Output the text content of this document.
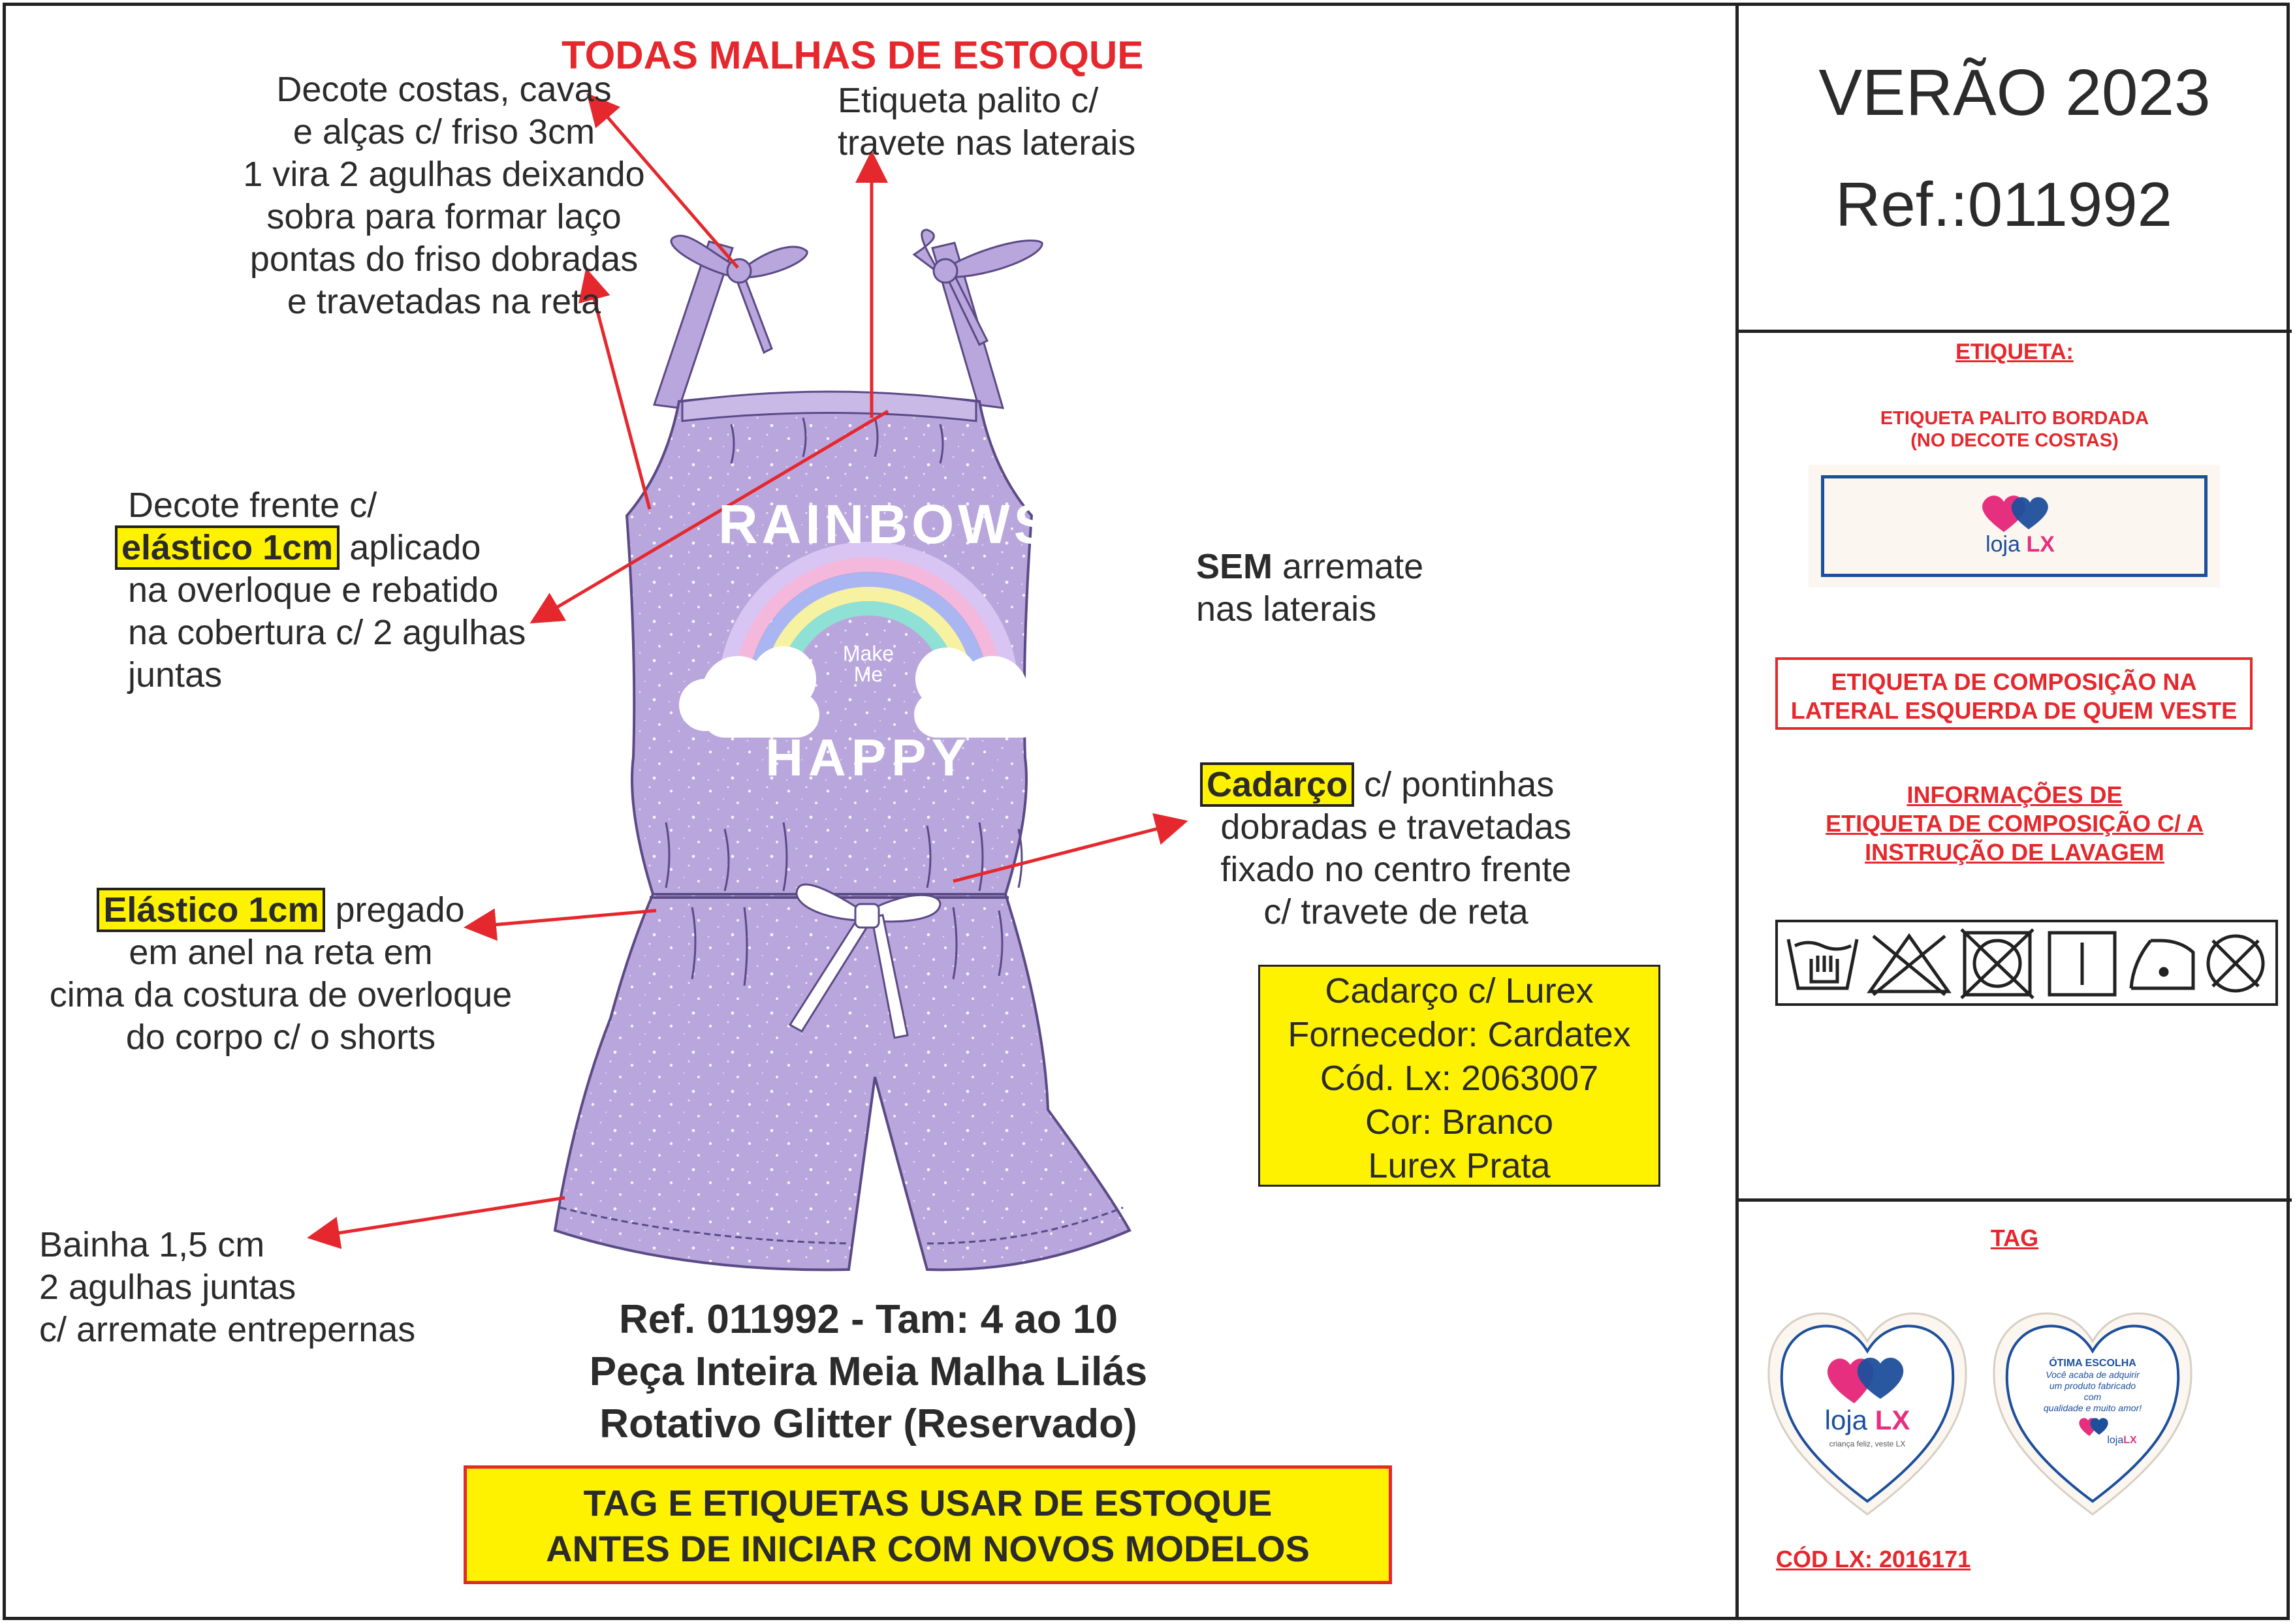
RAINBOWS
Make
Me
HAPPY
TODAS MALHAS DE ESTOQUE
Decote costas, cavas
e alças c/ friso 3cm
1 vira 2 agulhas deixando
sobra para formar laço
pontas do friso dobradas
e travetadas na reta
Etiqueta palito c/
travete nas laterais
Decote frente c/
elástico 1cm aplicado
na overloque e rebatido
na cobertura c/ 2 agulhas
juntas
SEM arremate
nas laterais
Cadarço c/ pontinhas
dobradas e travetadas
fixado no centro frente
c/ travete de reta
Elástico 1cm pregado
em anel na reta em
cima da costura de overloque
do corpo c/ o shorts
Bainha 1,5 cm
2 agulhas juntas
c/ arremate entrepernas
Cadarço c/ Lurex
Fornecedor: Cardatex
Cód. Lx: 2063007
Cor: Branco
Lurex Prata
Ref. 011992 - Tam: 4 ao 10
Peça Inteira Meia Malha Lilás
Rotativo Glitter (Reservado)
TAG E ETIQUETAS USAR DE ESTOQUE
ANTES DE INICIAR COM NOVOS MODELOS
VERÃO 2023
Ref.:011992
ETIQUETA:
ETIQUETA PALITO BORDADA
(NO DECOTE COSTAS)
loja LX
ETIQUETA DE COMPOSIÇÃO NA
LATERAL ESQUERDA DE QUEM VESTE
INFORMAÇÕES DE
ETIQUETA DE COMPOSIÇÃO C/ A
INSTRUÇÃO DE LAVAGEM
TAG
loja LX
criança feliz, veste LX
ÓTIMA ESCOLHA
Você acaba de adquirir
um produto fabricado com
qualidade e muito amor!
lojaLX
CÓD LX: 2016171
